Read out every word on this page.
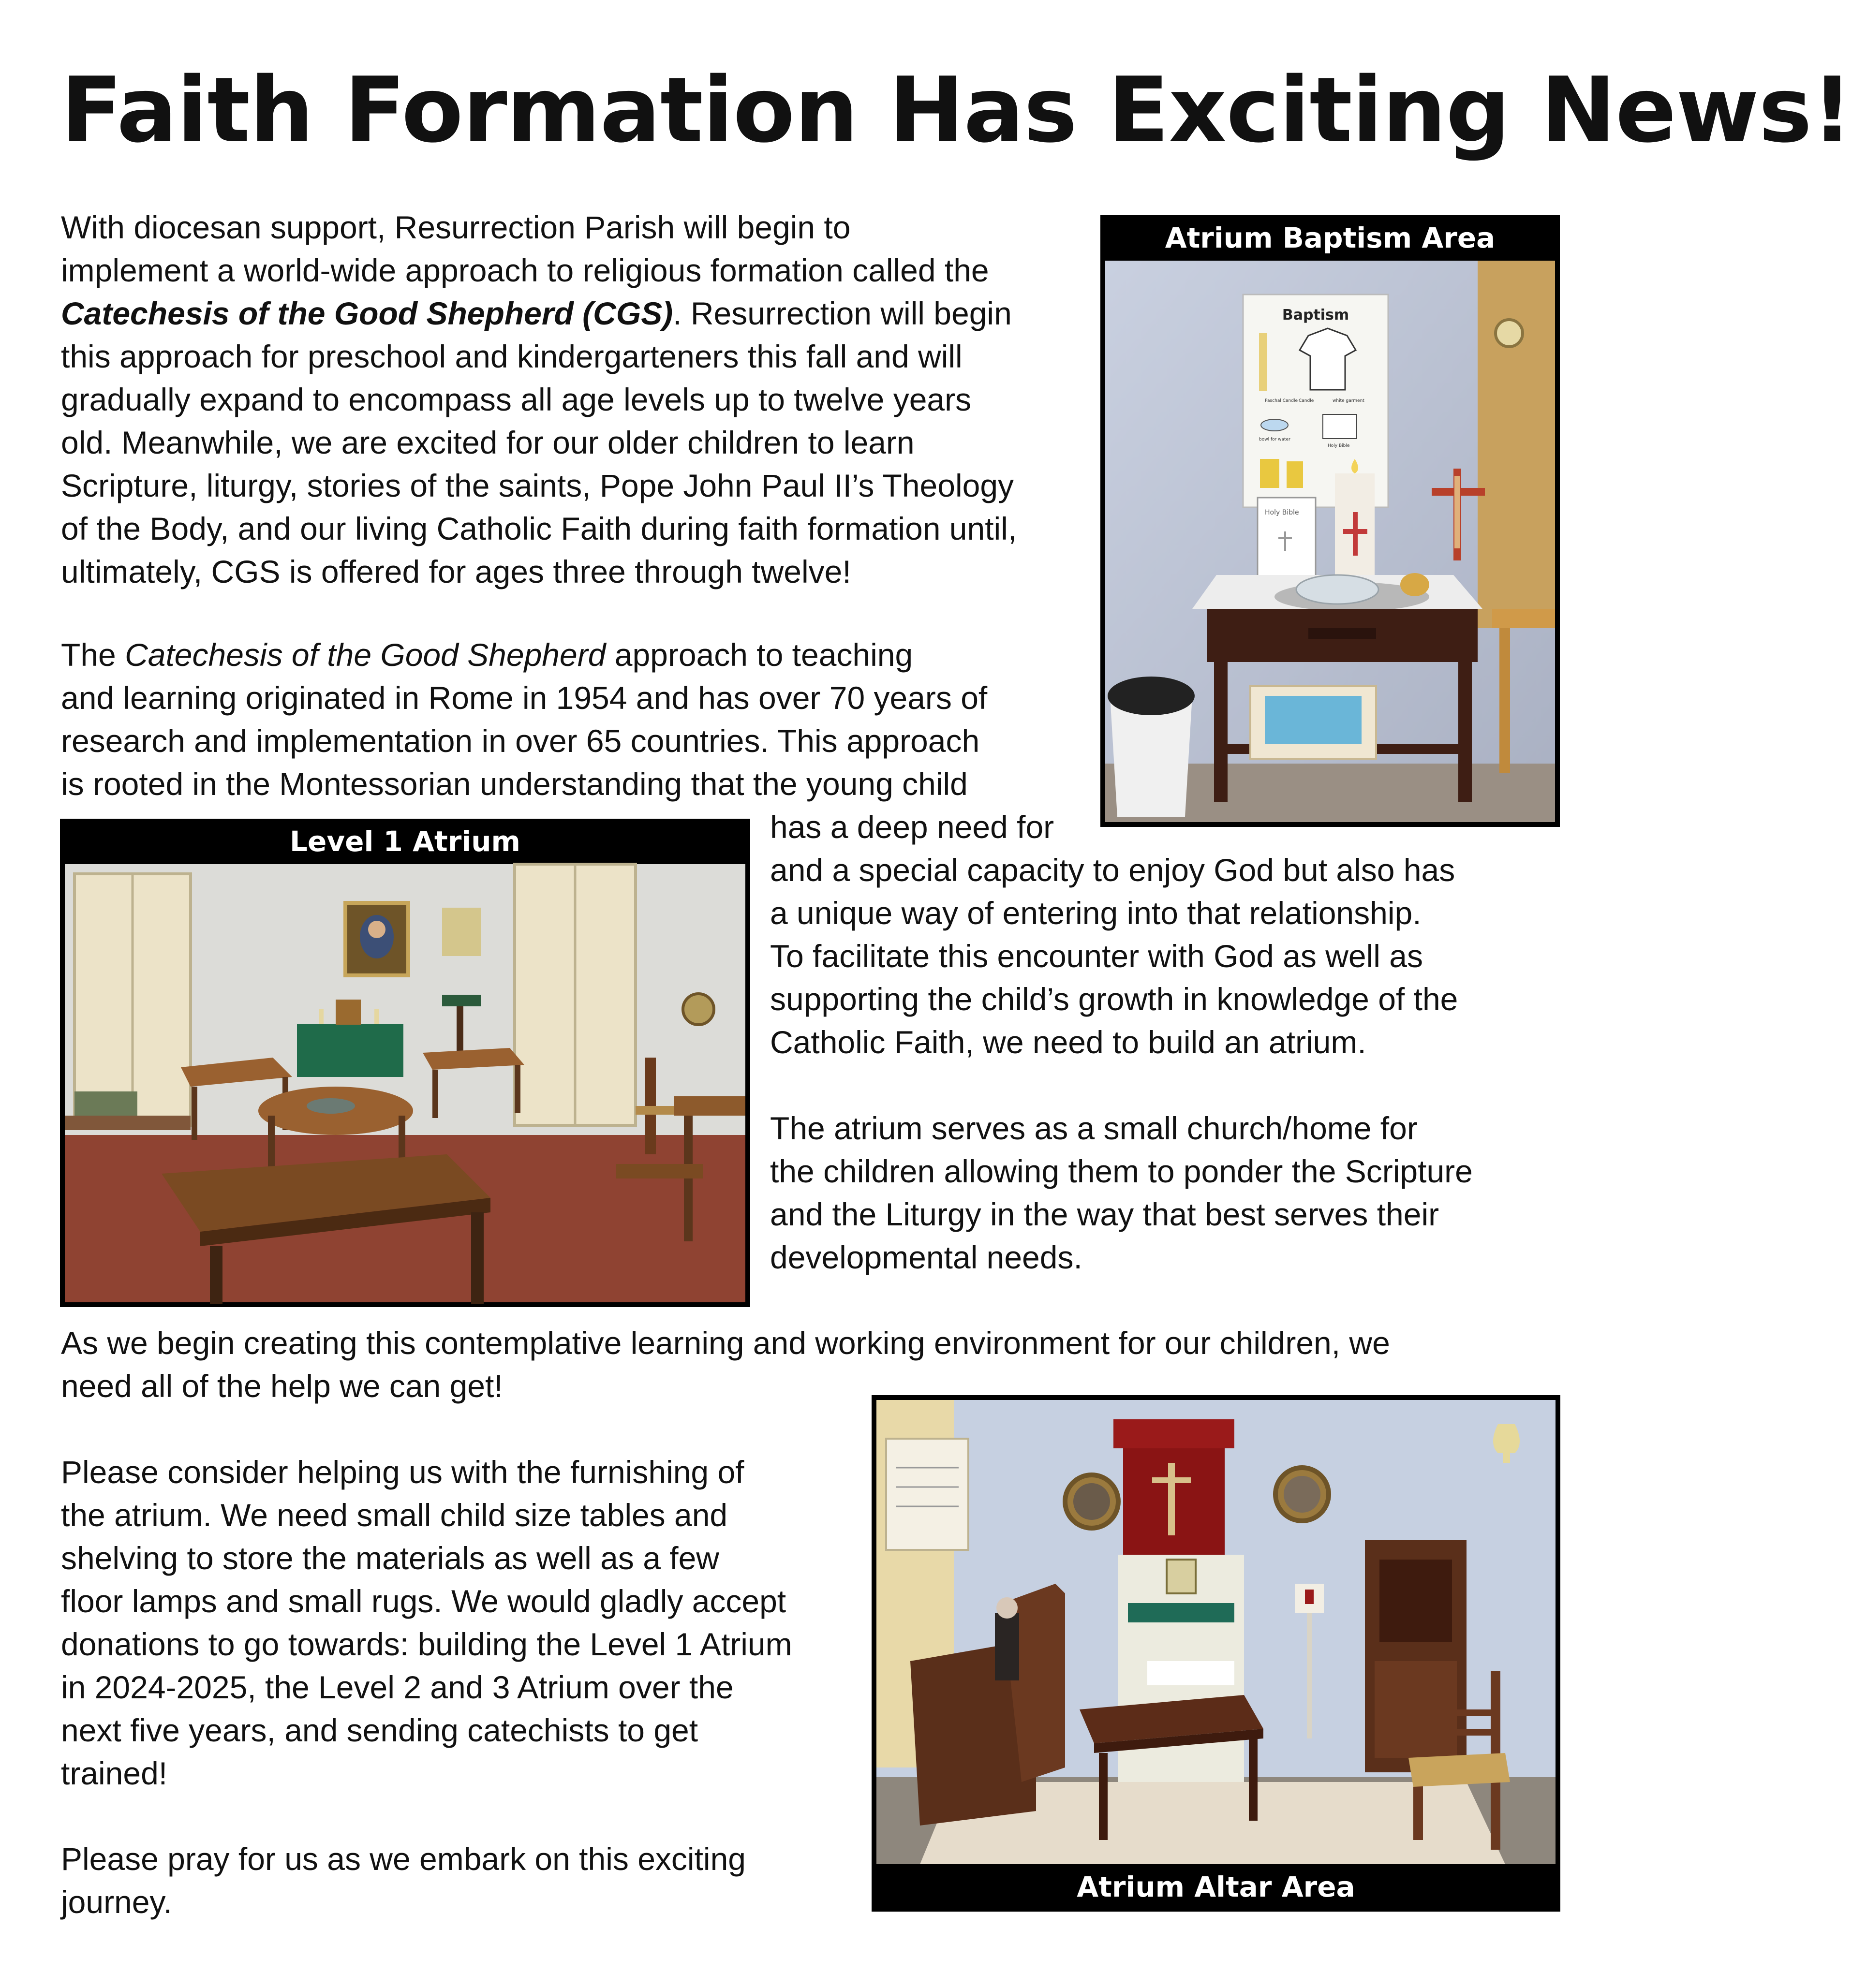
Faith Formation Has Exciting News!
With diocesan support, Resurrection Parish will begin to
implement a world-wide approach to religious formation called the
Catechesis of the Good Shepherd (CGS). Resurrection will begin
this approach for preschool and kindergarteners this fall and will
gradually expand to encompass all age levels up to twelve years
old. Meanwhile, we are excited for our older children to learn
Scripture, liturgy, stories of the saints, Pope John Paul II’s Theology
of the Body, and our living Catholic Faith during faith formation until,
ultimately, CGS is offered for ages three through twelve!
The Catechesis of the Good Shepherd approach to teaching
and learning originated in Rome in 1954 and has over 70 years of
research and implementation in over 65 countries. This approach
is rooted in the Montessorian understanding that the young child
has a deep need for
and a special capacity to enjoy God but also has
a unique way of entering into that relationship.
To facilitate this encounter with God as well as
supporting the child’s growth in knowledge of the
Catholic Faith, we need to build an atrium.
The atrium serves as a small church/home for
the children allowing them to ponder the Scripture
and the Liturgy in the way that best serves their
developmental needs.
As we begin creating this contemplative learning and working environment for our children, we
need all of the help we can get!
Please consider helping us with the furnishing of
the atrium. We need small child size tables and
shelving to store the materials as well as a few
floor lamps and small rugs. We would gladly accept
donations to go towards: building the Level 1 Atrium
in 2024-2025, the Level 2 and 3 Atrium over the
next five years, and sending catechists to get
trained!
Please pray for us as we embark on this exciting
journey.
Atrium Baptism Area
Baptism
Paschal Candle Candle	white garment
bowl for water
Holy Bible
Holy Bible
Level 1 Atrium
Atrium Altar Area
